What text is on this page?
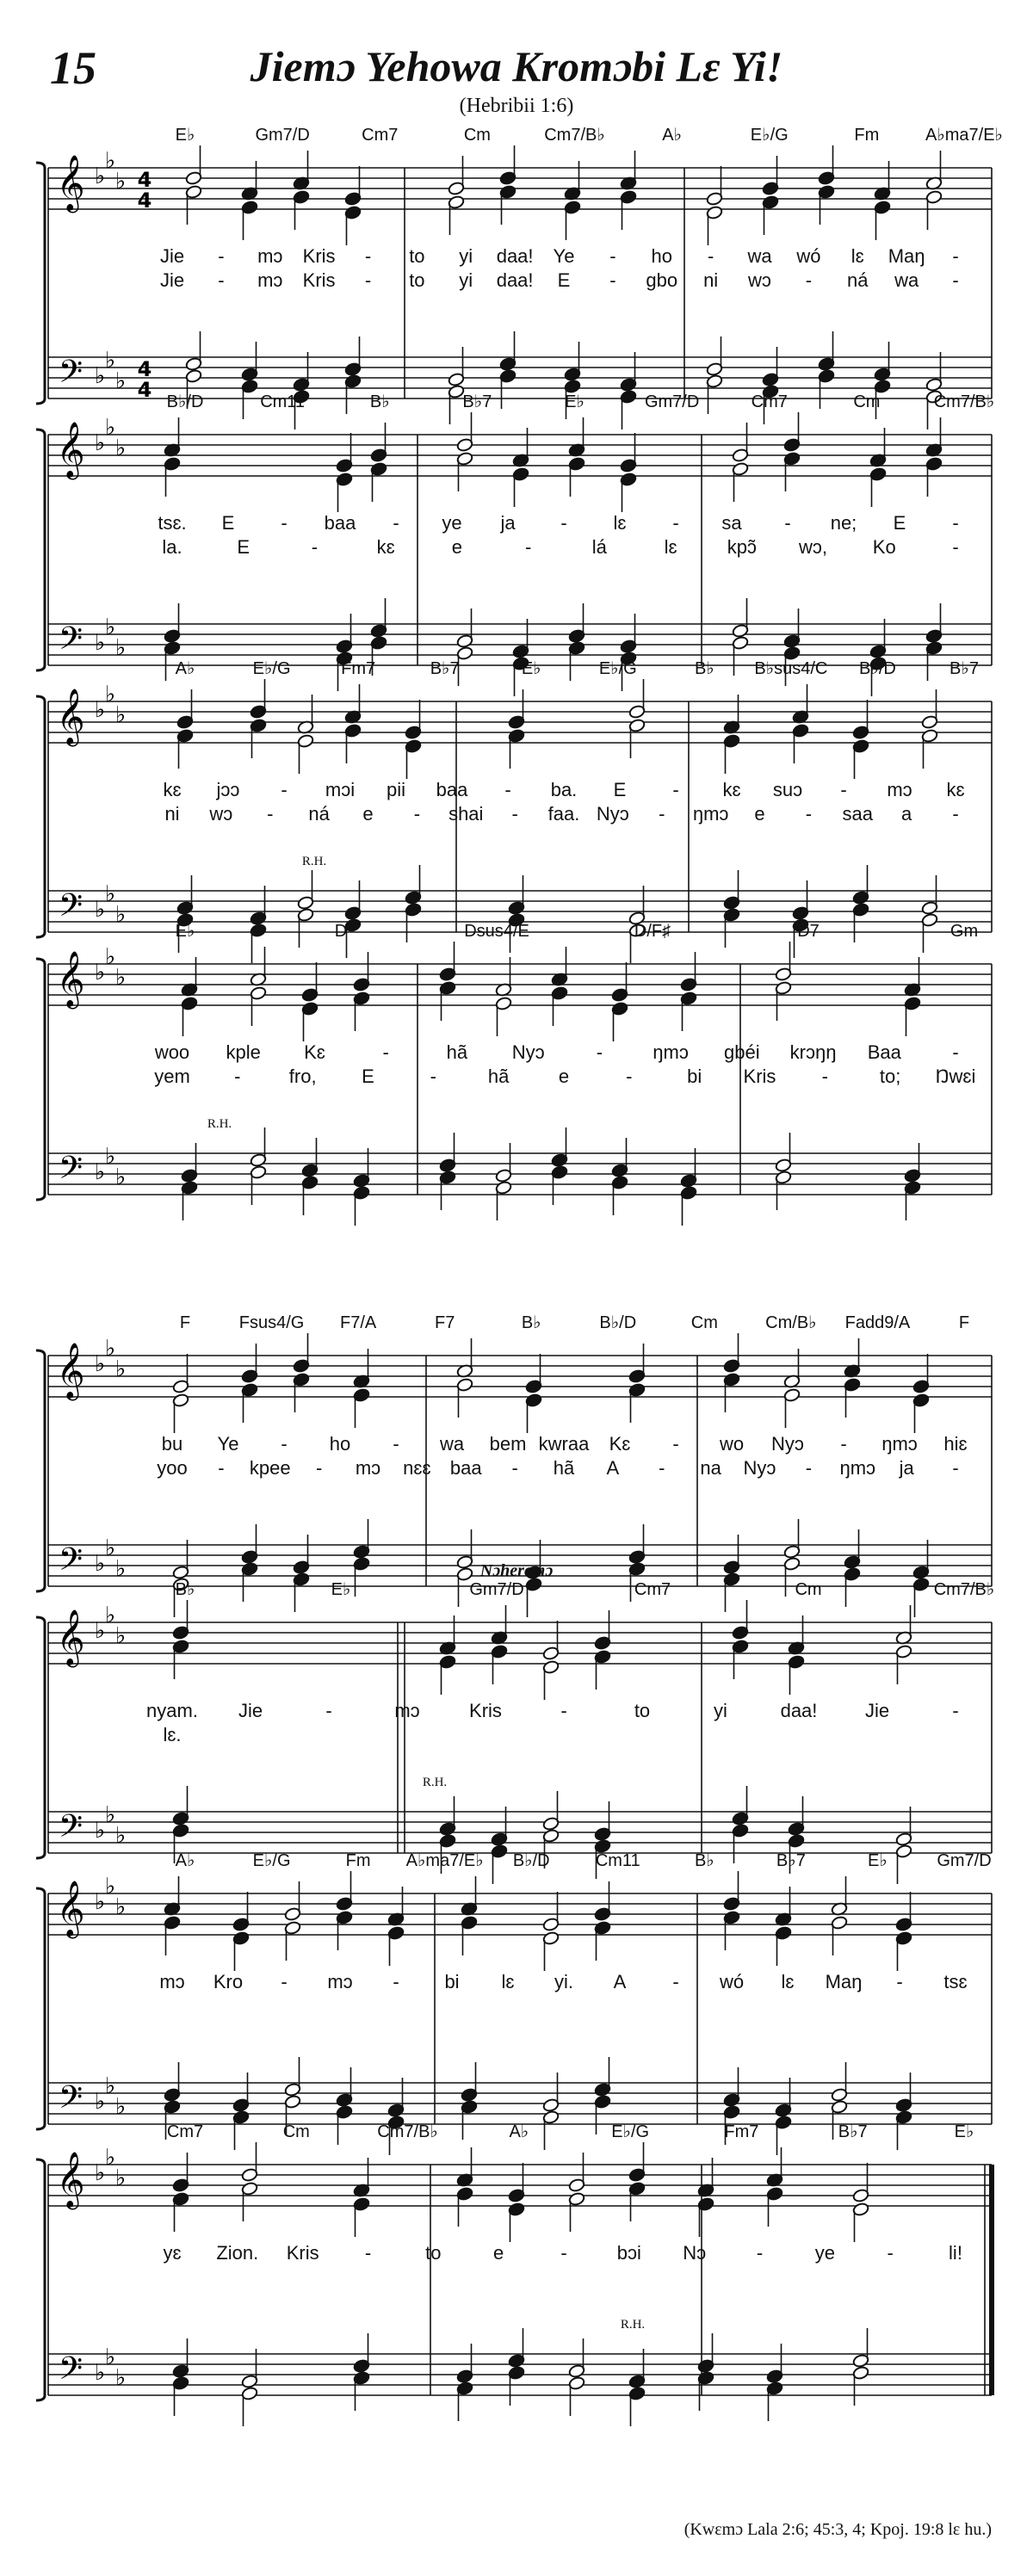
15	Jiemɔ Yehowa Kromɔbi Lɛ Yi!
(Hebribii 1:6)
𝄞 ♭
♭
♭ 4
4
𝄢 ♭
♭
♭ 4
4
E♭	Gm7/D	Cm7	Cm	Cm7/B♭	A♭	E♭/G	Fm	A♭ma7/E♭
Jie - mɔ Kris - to yi daa! Ye - ho - wa wó lɛ Maŋ -
Jie - mɔ Kris - to yi daa! E - gbo ni wɔ - ná wa -
𝄞 ♭
♭
♭
𝄢 ♭
♭
♭
B♭/D	Cm11	B♭	B♭7	E♭	Gm7/D	Cm7	Cm	Cm7/B♭
tsɛ. E - baa - ye ja - lɛ - sa - ne; E -
la.	E	-	kɛ	e	-	lá	lɛ	kpɔ̃ wɔ, Ko	-
𝄞 ♭
♭
♭
𝄢 ♭
♭
♭
R.H.
A♭	E♭/G	Fm7	B♭7	E♭	E♭/G	B♭ B♭sus4/C B♭/D	B♭7
kɛ jɔɔ - mɔi pii baa - ba. E - kɛ suɔ - mɔ kɛ
ni wɔ - ná e - shai - faa. Nyɔ - ŋmɔ e - saa a -
𝄞 ♭
♭
♭
𝄢 ♭
♭
♭
R.H.
E♭	D	Dsus4/E	D/F♯	D7	Gm
woo kple Kɛ	-	hã Nyɔ	-	ŋmɔ gbéi krɔŋŋ Baa	-
yem -	fro, E	-	hã	e	-	bi Kris -	to; Ŋwɛi
𝄞 ♭
♭
♭
𝄢 ♭
♭
♭
F	Fsus4/G F7/A	F7	B♭	B♭/D	Cm	Cm/B♭ Fadd9/A	F
bu Ye - ho - wa bem kwraa Kɛ - wo Nyɔ - ŋmɔ hiɛ
yoo - kpee - mɔ nɛɛ baa - hã A - na Nyɔ - ŋmɔ ja -
𝄞 ♭
♭
♭
𝄢 ♭
♭
♭
Nɔheremɔ
R.H.
B♭	E♭	Gm7/D	Cm7	Cm	Cm7/B♭
nyam. Jie	-	mɔ	Kris	-	to	yi	daa!	Jie	-
lɛ.
𝄞 ♭
♭
♭
𝄢 ♭
♭
♭
A♭	E♭/G	Fm A♭ma7/E♭ B♭/D	Cm11	B♭	B♭7	E♭	Gm7/D
mɔ Kro - mɔ - bi lɛ yi. A - wó lɛ Maŋ - tsɛ
𝄞 ♭
♭
♭
𝄢 ♭
♭
♭
R.H.
Cm7	Cm	Cm7/B♭	A♭	E♭/G	Fm7	B♭7	E♭
yɛ Zion. Kris -	to	e	-	bɔi Nɔ	-	ye	-	li!
(Kwɛmɔ Lala 2:6; 45:3, 4; Kpoj. 19:8 lɛ hu.)
